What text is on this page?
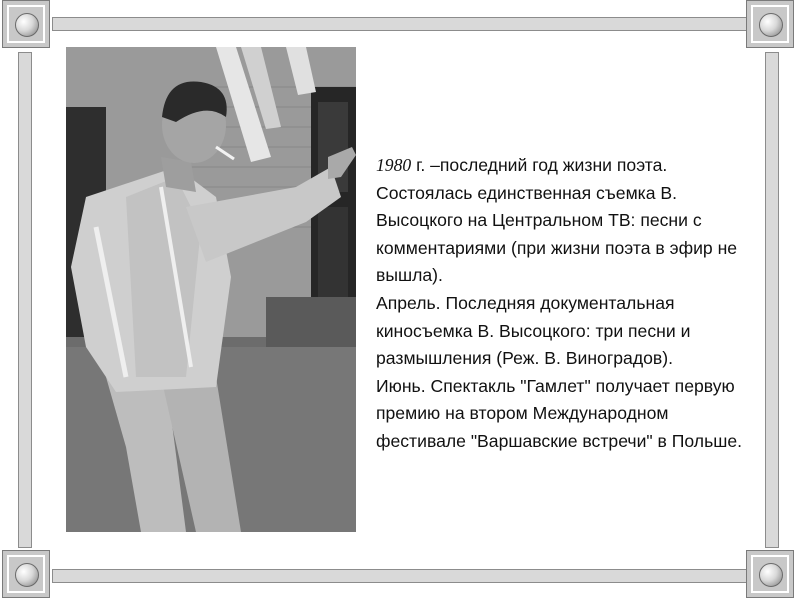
1980 г. –последний год жизни поэта. Состоялась единственная съемка В. Высоцкого на Центральном ТВ: песни с комментариями (при жизни поэта в эфир не вышла).

Апрель. Последняя документальная киносъемка В. Высоцкого: три песни и размышления (Реж. В. Виноградов).

Июнь. Спектакль "Гамлет" получает первую премию на втором Международном фестивале "Варшавские встречи" в Польше.
